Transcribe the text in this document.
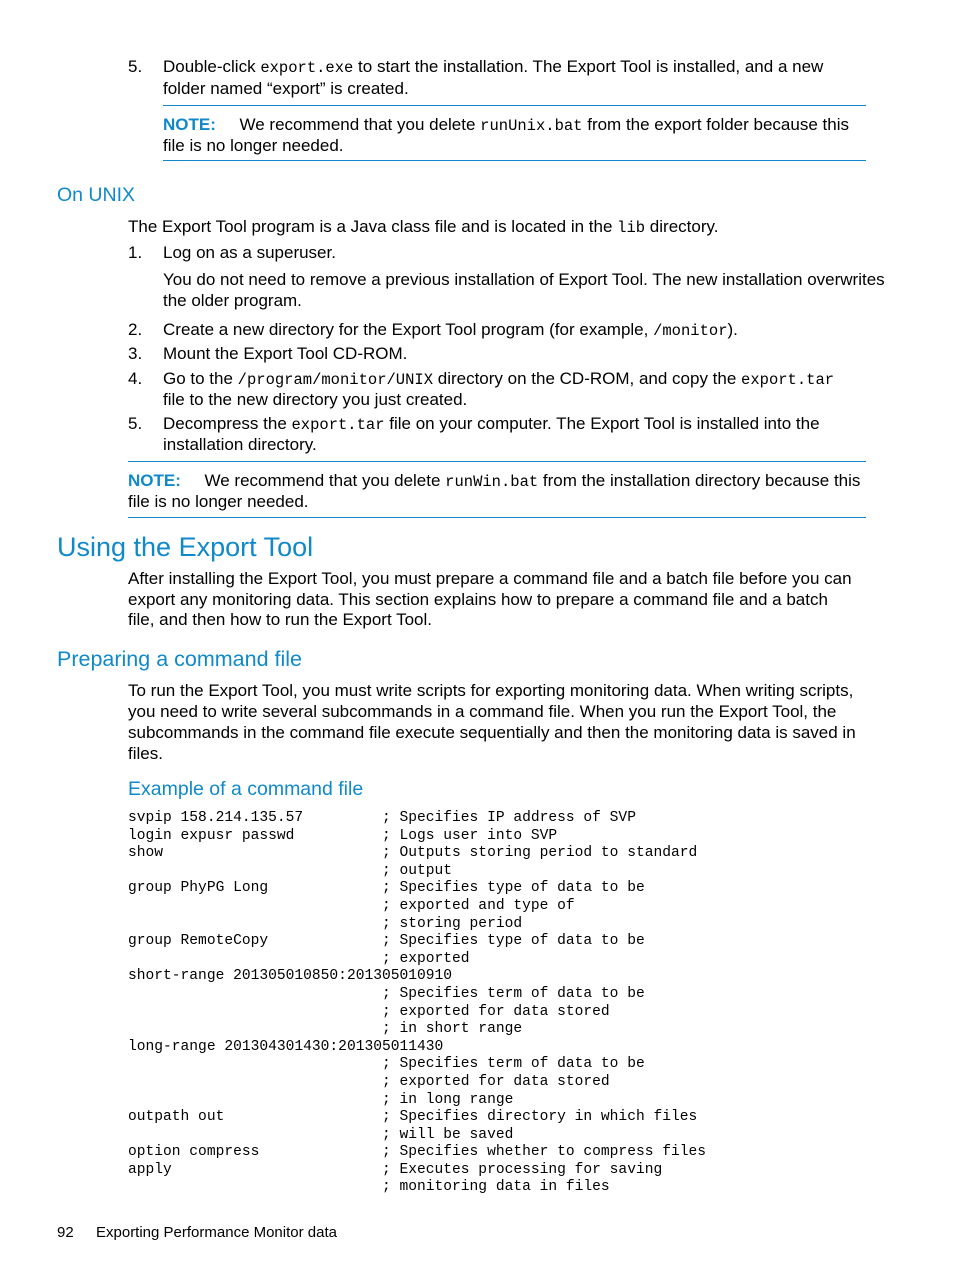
5. Double-click export.exe to start the installation. The Export Tool is installed, and a new
folder named “export” is created.
NOTE: We recommend that you delete runUnix.bat from the export folder because this
file is no longer needed.
On UNIX
The Export Tool program is a Java class file and is located in the lib directory.
1. Log on as a superuser.
You do not need to remove a previous installation of Export Tool. The new installation overwrites
the older program.
2. Create a new directory for the Export Tool program (for example, /monitor).
3. Mount the Export Tool CD-ROM.
4. Go to the /program/monitor/UNIX directory on the CD-ROM, and copy the export.tar
file to the new directory you just created.
5. Decompress the export.tar file on your computer. The Export Tool is installed into the
installation directory.
NOTE: We recommend that you delete runWin.bat from the installation directory because this
file is no longer needed.
Using the Export Tool
After installing the Export Tool, you must prepare a command file and a batch file before you can
export any monitoring data. This section explains how to prepare a command file and a batch
file, and then how to run the Export Tool.
Preparing a command file
To run the Export Tool, you must write scripts for exporting monitoring data. When writing scripts,
you need to write several subcommands in a command file. When you run the Export Tool, the
subcommands in the command file execute sequentially and then the monitoring data is saved in
files.
Example of a command file
svpip 158.214.135.57         ; Specifies IP address of SVP
login expusr passwd          ; Logs user into SVP
show                         ; Outputs storing period to standard
; output
group PhyPG Long             ; Specifies type of data to be
; exported and type of
; storing period
group RemoteCopy             ; Specifies type of data to be
; exported
short-range 201305010850:201305010910
; Specifies term of data to be
; exported for data stored
; in short range
long-range 201304301430:201305011430
; Specifies term of data to be
; exported for data stored
; in long range
outpath out                  ; Specifies directory in which files
; will be saved
option compress              ; Specifies whether to compress files
apply                        ; Executes processing for saving
; monitoring data in files
92 Exporting Performance Monitor data
